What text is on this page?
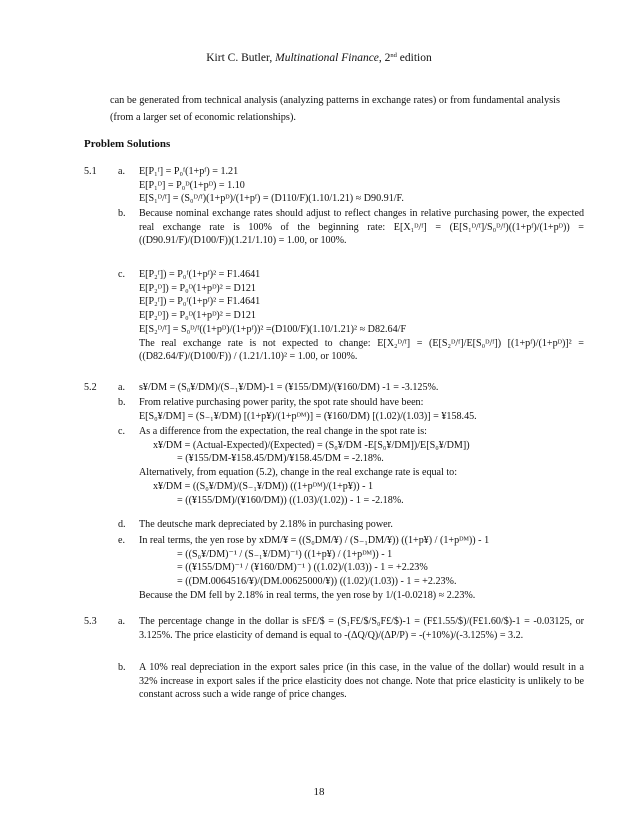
Kirt C. Butler, Multinational Finance, 2nd edition
can be generated from technical analysis (analyzing patterns in exchange rates) or from fundamental analysis (from a larger set of economic relationships).
Problem Solutions
5.1 a. E[P₁ᶠ] = P₀ᶠ(1+pᶠ) = 1.21
E[P₁ᴰ] = P₀ᴰ(1+pᴰ) = 1.10
E[S₁ᴰ/ᶠ] = (S₀ᴰ/ᶠ)(1+pᴰ)/(1+pᶠ) = (D110/F)(1.10/1.21) ≈ D90.91/F.
b. Because nominal exchange rates should adjust to reflect changes in relative purchasing power, the expected real exchange rate is 100% of the beginning rate: E[X₁ᴰ/ᶠ] = (E[S₁ᴰ/ᶠ]/S₀ᴰ/ᶠ)((1+pᶠ)/(1+pᴰ)) = ((D90.91/F)/(D100/F))(1.21/1.10) = 1.00, or 100%.
c. E[P₂ᶠ]) = P₀ᶠ(1+pᶠ)² = F1.4641
E[P₂ᴰ]) = P₀ᴰ(1+pᴰ)² = D121
E[P₂ᶠ]) = P₀ᶠ(1+pᶠ)² = F1.4641
E[P₂ᴰ]) = P₀ᴰ(1+pᴰ)² = D121
E[S₂ᴰ/ᶠ] = S₀ᴰ/ᶠ((1+pᴰ)/(1+pᶠ))² =(D100/F)(1.10/1.21)² ≈ D82.64/F
The real exchange rate is not expected to change: E[X₂ᴰ/ᶠ] = (E[S₂ᴰ/ᶠ]/E[S₀ᴰ/ᶠ]) [(1+pᶠ)/(1+pᴰ)]² = ((D82.64/F)/(D100/F)) / (1.21/1.10)² = 1.00, or 100%.
5.2 a. s¥/DM = (S₀¥/DM)/(S₋₁¥/DM)-1 = (¥155/DM)/(¥160/DM) -1 = -3.125%.
b. From relative purchasing power parity, the spot rate should have been:
E[S₀¥/DM] = (S₋₁¥/DM) [(1+p¥)/(1+pᴰᴹ)] = (¥160/DM) [(1.02)/(1.03)] = ¥158.45.
c. As a difference from the expectation, the real change in the spot rate is:
x¥/DM = (Actual-Expected)/(Expected) = (S₀¥/DM -E[S₀¥/DM])/E[S₀¥/DM])
= (¥155/DM-¥158.45/DM)/¥158.45/DM = -2.18%.
Alternatively, from equation (5.2), change in the real exchange rate is equal to:
x¥/DM = ((S₀¥/DM)/(S₋₁¥/DM)) ((1+pᴰᴹ)/(1+p¥)) - 1
= ((¥155/DM)/(¥160/DM)) ((1.03)/(1.02)) - 1 = -2.18%.
d. The deutsche mark depreciated by 2.18% in purchasing power.
e. In real terms, the yen rose by xDM/¥ = ((S₀DM/¥) / (S₋₁DM/¥)) ((1+p¥) / (1+pᴰᴹ)) - 1
= ((S₀¥/DM)⁻¹ / (S₋₁¥/DM)⁻¹) ((1+p¥) / (1+pᴰᴹ)) - 1
= ((¥155/DM)⁻¹ / (¥160/DM)⁻¹ ) ((1.02)/(1.03)) - 1 = +2.23%
= ((DM.0064516/¥)/(DM.00625000/¥)) ((1.02)/(1.03)) - 1 = +2.23%.
Because the DM fell by 2.18% in real terms, the yen rose by 1/(1-0.0218) ≈ 2.23%.
5.3 a. The percentage change in the dollar is sF£/$ = (S₁F£/$/S₀F£/$)-1 = (F£1.55/$)/(F£1.60/$)-1 = -0.03125, or 3.125%. The price elasticity of demand is equal to -(ΔQ/Q)/(ΔP/P) = -(+10%)/(-3.125%) = 3.2.
b. A 10% real depreciation in the export sales price (in this case, in the value of the dollar) would result in a 32% increase in export sales if the price elasticity does not change. Note that price elasticity is unlikely to be constant across such a wide range of price changes.
18
